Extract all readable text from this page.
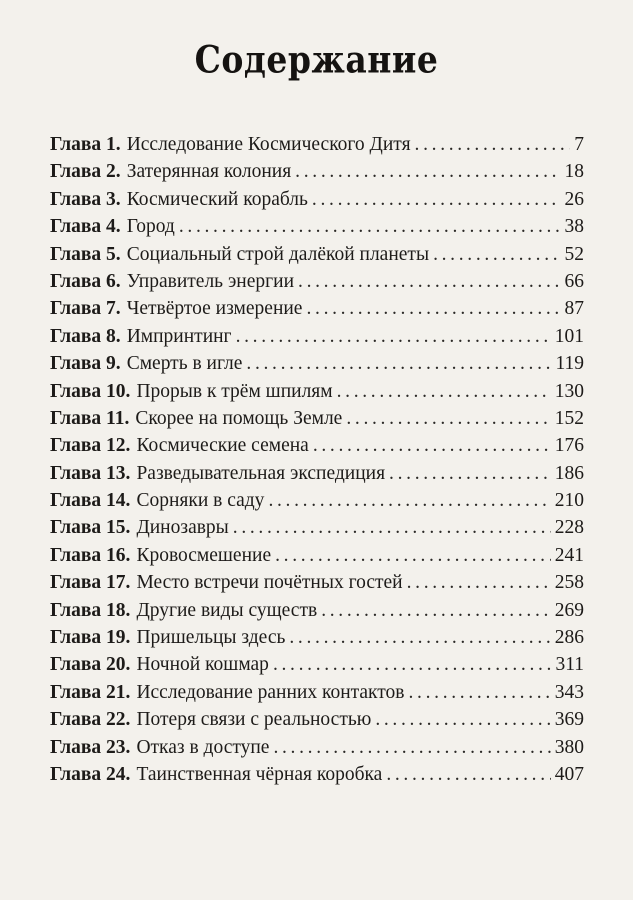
Содержание
Глава 1. Исследование Космического Дитя . . .	7
Глава 2. Затерянная колония . . .	18
Глава 3. Космический корабль . . .	26
Глава 4. Город . . .	38
Глава 5. Социальный строй далёкой планеты . . .	52
Глава 6. Управитель энергии . . .	66
Глава 7. Четвёртое измерение . . .	87
Глава 8. Импринтинг . . .	101
Глава 9. Смерть в игле . . .	119
Глава 10. Прорыв к трём шпилям . . .	130
Глава 11. Скорее на помощь Земле . . .	152
Глава 12. Космические семена . . .	176
Глава 13. Разведывательная экспедиция . . .	186
Глава 14. Сорняки в саду . . .	210
Глава 15. Динозавры . . .	228
Глава 16. Кровосмешение . . .	241
Глава 17. Место встречи почётных гостей . . .	258
Глава 18. Другие виды существ . . .	269
Глава 19. Пришельцы здесь . . .	286
Глава 20. Ночной кошмар . . .	311
Глава 21. Исследование ранних контактов . . .	343
Глава 22. Потеря связи с реальностью . . .	369
Глава 23. Отказ в доступе . . .	380
Глава 24. Таинственная чёрная коробка . . .	407
